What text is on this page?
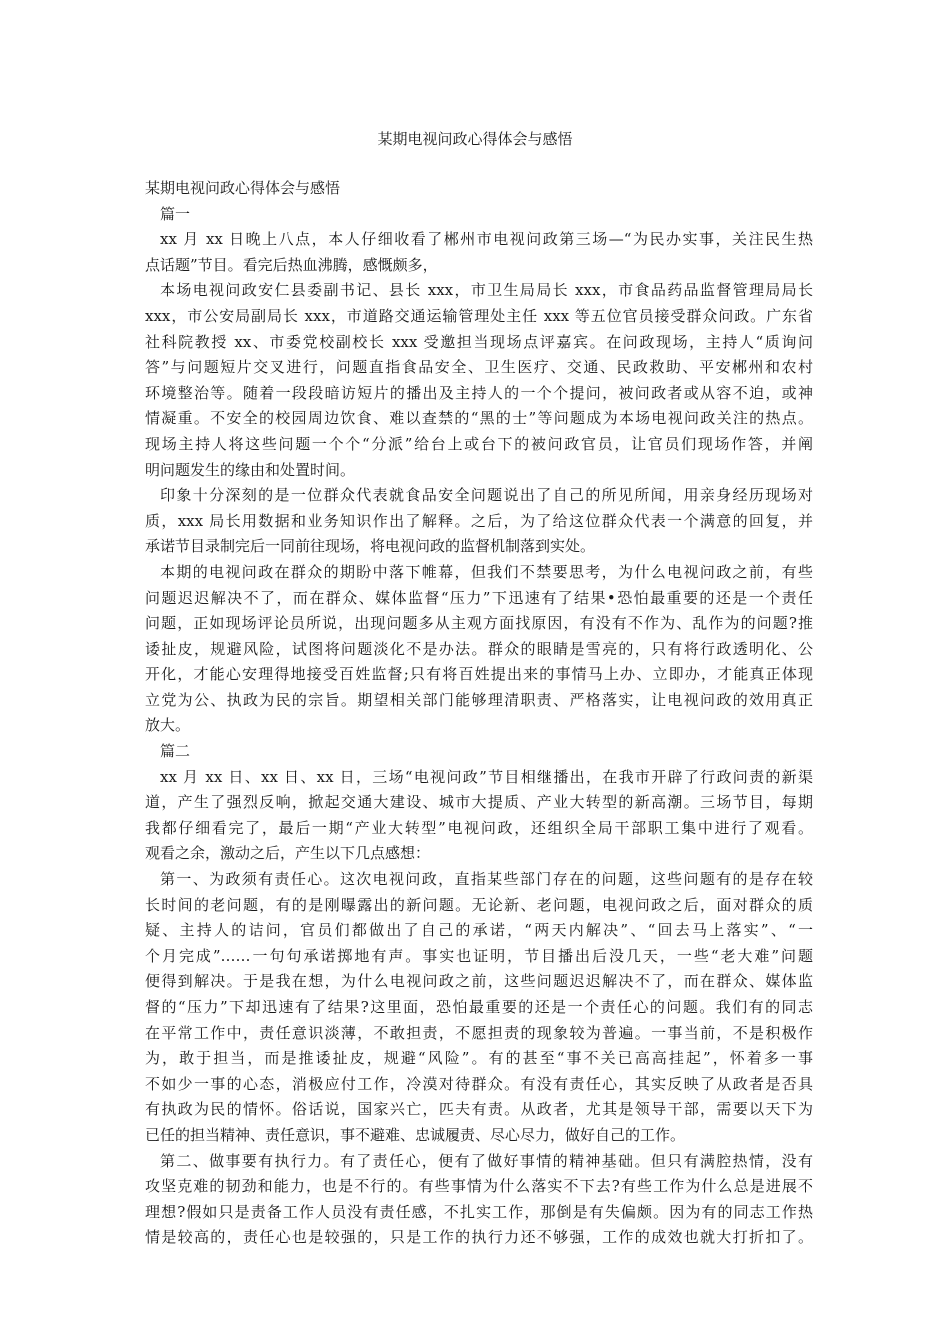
某期电视问政心得体会与感悟
某期电视问政心得体会与感悟
篇一
xx 月 xx 日晚上八点，本人仔细收看了郴州市电视问政第三场—“为民办实事，关注民生热
点话题”节目。看完后热血沸腾，感慨颇多，
本场电视问政安仁县委副书记、县长 xxx，市卫生局局长 xxx，市食品药品监督管理局局长
xxx，市公安局副局长 xxx，市道路交通运输管理处主任 xxx 等五位官员接受群众问政。广东省
社科院教授 xx、市委党校副校长 xxx 受邀担当现场点评嘉宾。在问政现场，主持人“质询问
答”与问题短片交叉进行，问题直指食品安全、卫生医疗、交通、民政救助、平安郴州和农村
环境整治等。随着一段段暗访短片的播出及主持人的一个个提问，被问政者或从容不迫，或神
情凝重。不安全的校园周边饮食、难以查禁的“黑的士”等问题成为本场电视问政关注的热点。
现场主持人将这些问题一个个“分派”给台上或台下的被问政官员，让官员们现场作答，并阐
明问题发生的缘由和处置时间。
印象十分深刻的是一位群众代表就食品安全问题说出了自己的所见所闻，用亲身经历现场对
质，xxx 局长用数据和业务知识作出了解释。之后，为了给这位群众代表一个满意的回复，并
承诺节目录制完后一同前往现场，将电视问政的监督机制落到实处。
本期的电视问政在群众的期盼中落下帷幕，但我们不禁要思考，为什么电视问政之前，有些
问题迟迟解决不了，而在群众、媒体监督“压力”下迅速有了结果•恐怕最重要的还是一个责任
问题，正如现场评论员所说，出现问题多从主观方面找原因，有没有不作为、乱作为的问题?推
诿扯皮，规避风险，试图将问题淡化不是办法。群众的眼睛是雪亮的，只有将行政透明化、公
开化，才能心安理得地接受百姓监督;只有将百姓提出来的事情马上办、立即办，才能真正体现
立党为公、执政为民的宗旨。期望相关部门能够理清职责、严格落实，让电视问政的效用真正
放大。
篇二
xx 月 xx 日、xx 日、xx 日，三场“电视问政”节目相继播出，在我市开辟了行政问责的新渠
道，产生了强烈反响，掀起交通大建设、城市大提质、产业大转型的新高潮。三场节目，每期
我都仔细看完了，最后一期“产业大转型”电视问政，还组织全局干部职工集中进行了观看。
观看之余，激动之后，产生以下几点感想：
第一、为政须有责任心。这次电视问政，直指某些部门存在的问题，这些问题有的是存在较
长时间的老问题，有的是刚曝露出的新问题。无论新、老问题，电视问政之后，面对群众的质
疑、主持人的诘问，官员们都做出了自己的承诺，“两天内解决”、“回去马上落实”、“一
个月完成”……一句句承诺掷地有声。事实也证明，节目播出后没几天，一些“老大难”问题
便得到解决。于是我在想，为什么电视问政之前，这些问题迟迟解决不了，而在群众、媒体监
督的“压力”下却迅速有了结果?这里面，恐怕最重要的还是一个责任心的问题。我们有的同志
在平常工作中，责任意识淡薄，不敢担责，不愿担责的现象较为普遍。一事当前，不是积极作
为，敢于担当，而是推诿扯皮，规避“风险”。有的甚至“事不关已高高挂起”，怀着多一事
不如少一事的心态，消极应付工作，冷漠对待群众。有没有责任心，其实反映了从政者是否具
有执政为民的情怀。俗话说，国家兴亡，匹夫有责。从政者，尤其是领导干部，需要以天下为
已任的担当精神、责任意识，事不避难、忠诚履责、尽心尽力，做好自己的工作。
第二、做事要有执行力。有了责任心，便有了做好事情的精神基础。但只有满腔热情，没有
攻坚克难的韧劲和能力，也是不行的。有些事情为什么落实不下去?有些工作为什么总是进展不
理想?假如只是责备工作人员没有责任感，不扎实工作，那倒是有失偏颇。因为有的同志工作热
情是较高的，责任心也是较强的，只是工作的执行力还不够强，工作的成效也就大打折扣了。
